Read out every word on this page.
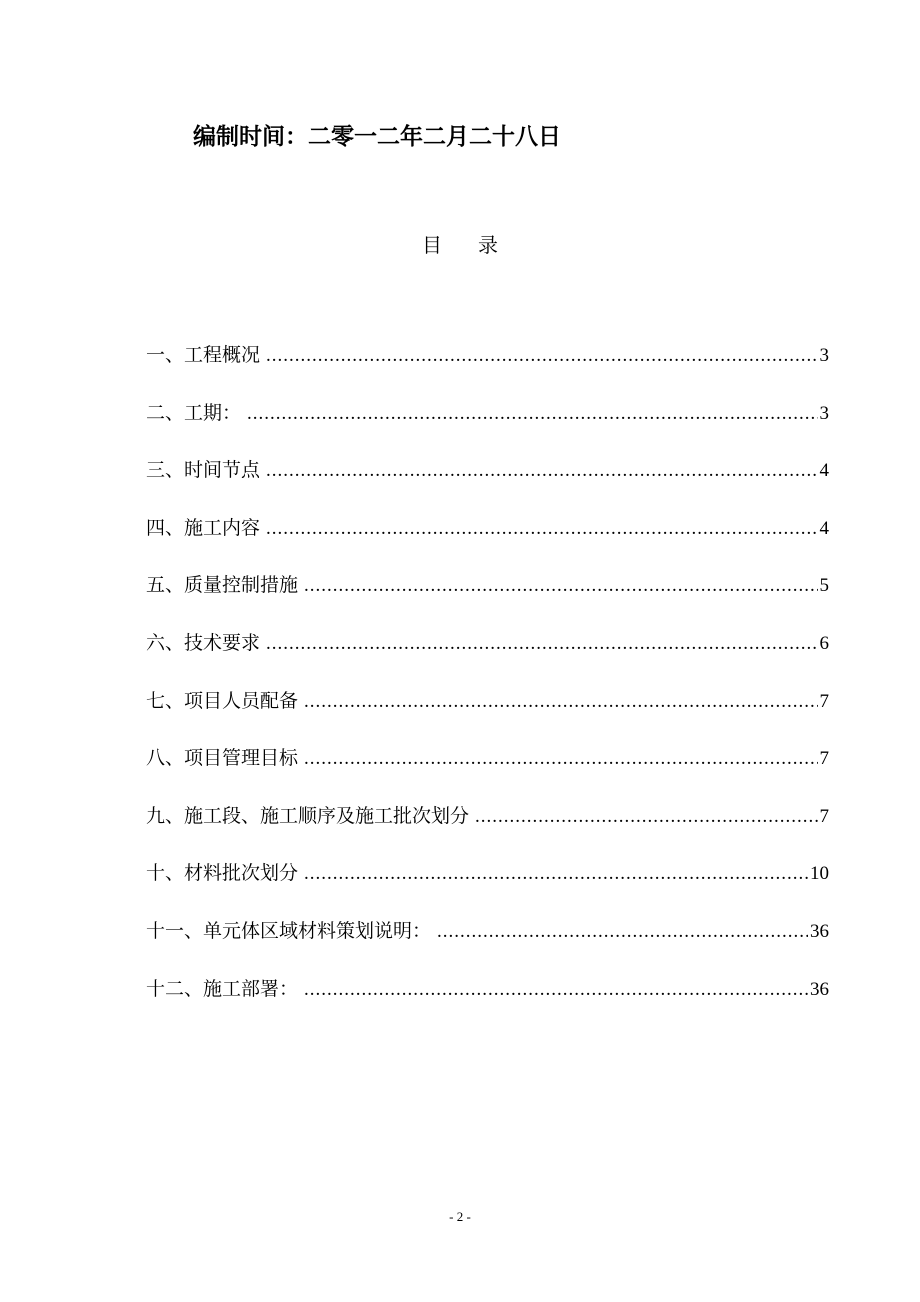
编制时间：二零一二年二月二十八日
目 录
一、工程概况 .....	3
二、工期： .....	3
三、时间节点 .....	4
四、施工内容 .....	4
五、质量控制措施 .....	5
六、技术要求 .....	6
七、项目人员配备 .....	7
八、项目管理目标 .....	7
九、施工段、施工顺序及施工批次划分 .....	7
十、材料批次划分 .....	10
十一、单元体区域材料策划说明： .....	36
十二、施工部署： .....	36
- 2 -
